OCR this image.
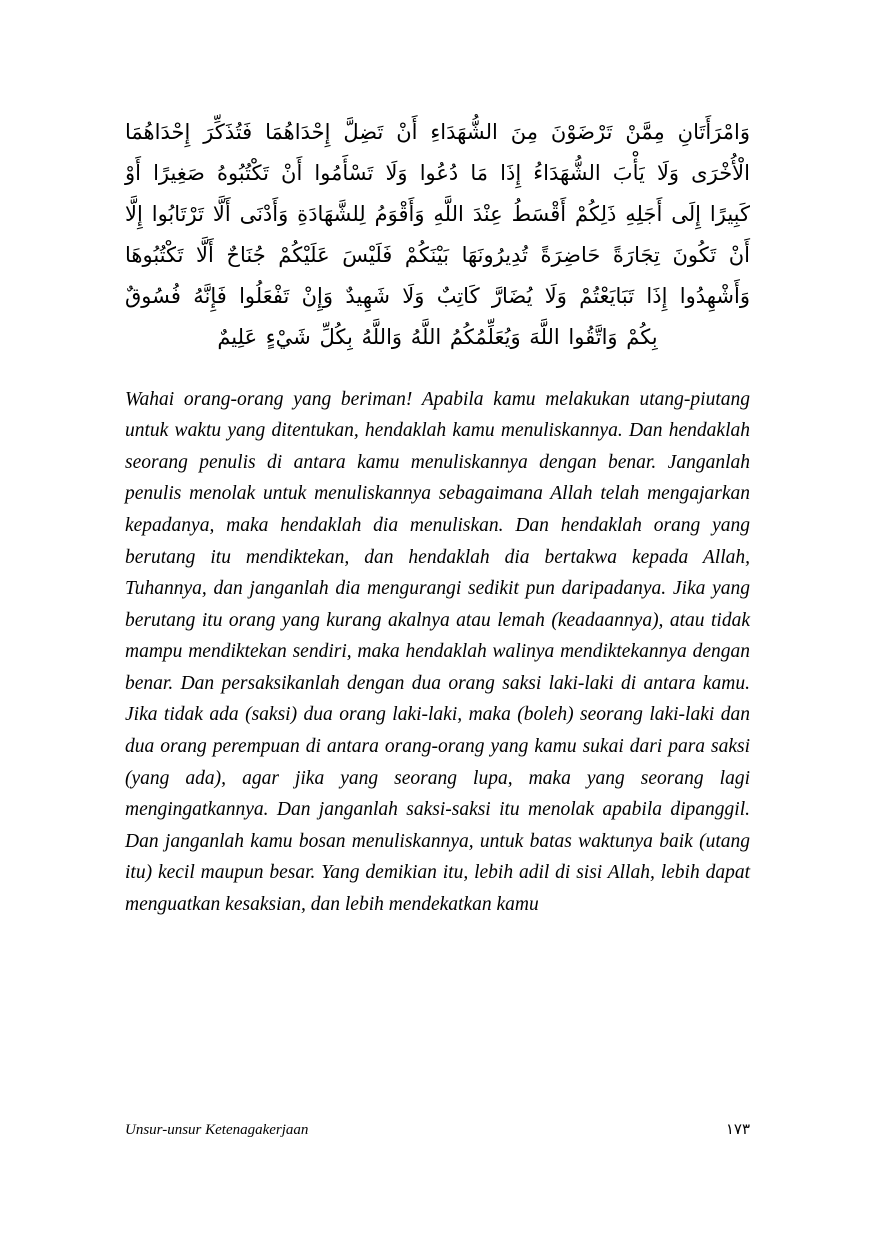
وَامْرَأَتَانِ مِمَّنْ تَرْضَوْنَ مِنَ الشُّهَدَاءِ أَنْ تَضِلَّ إِحْدَاهُمَا فَتُذَكِّرَ إِحْدَاهُمَا
الْأُخْرَى وَلَا يَأْبَ الشُّهَدَاءُ إِذَا مَا دُعُوا وَلَا تَسْأَمُوا أَنْ تَكْتُبُوهُ صَغِيرًا أَوْ
كَبِيرًا إِلَى أَجَلِهِ ذَلِكُمْ أَقْسَطُ عِنْدَ اللَّهِ وَأَقْوَمُ لِلشَّهَادَةِ وَأَدْنَى أَلَّا تَرْتَابُوا إِلَّا
أَنْ تَكُونَ تِجَارَةً حَاضِرَةً تُدِيرُونَهَا بَيْنَكُمْ فَلَيْسَ عَلَيْكُمْ جُنَاحٌ أَلَّا تَكْتُبُوهَا
وَأَشْهِدُوا إِذَا تَبَايَعْتُمْ وَلَا يُضَارَّ كَاتِبٌ وَلَا شَهِيدٌ وَإِنْ تَفْعَلُوا فَإِنَّهُ فُسُوقٌ
بِكُمْ وَاتَّقُوا اللَّهَ وَيُعَلِّمُكُمُ اللَّهُ وَاللَّهُ بِكُلِّ شَيْءٍ عَلِيمٌ
Wahai orang-orang yang beriman! Apabila kamu melakukan utang-piutang untuk waktu yang ditentukan, hendaklah kamu menuliskannya. Dan hendaklah seorang penulis di antara kamu menuliskannya dengan benar. Janganlah penulis menolak untuk menuliskannya sebagaimana Allah telah mengajarkan kepadanya, maka hendaklah dia menuliskan. Dan hendaklah orang yang berutang itu mendiktekan, dan hendaklah dia bertakwa kepada Allah, Tuhannya, dan janganlah dia mengurangi sedikit pun daripadanya. Jika yang berutang itu orang yang kurang akalnya atau lemah (keadaannya), atau tidak mampu mendiktekan sendiri, maka hendaklah walinya mendiktekannya dengan benar. Dan persaksikanlah dengan dua orang saksi laki-laki di antara kamu. Jika tidak ada (saksi) dua orang laki-laki, maka (boleh) seorang laki-laki dan dua orang perempuan di antara orang-orang yang kamu sukai dari para saksi (yang ada), agar jika yang seorang lupa, maka yang seorang lagi mengingatkannya. Dan janganlah saksi-saksi itu menolak apabila dipanggil. Dan janganlah kamu bosan menuliskannya, untuk batas waktunya baik (utang itu) kecil maupun besar. Yang demikian itu, lebih adil di sisi Allah, lebih dapat menguatkan kesaksian, dan lebih mendekatkan kamu
Unsur-unsur Ketenagakerjaan	١٧٣
